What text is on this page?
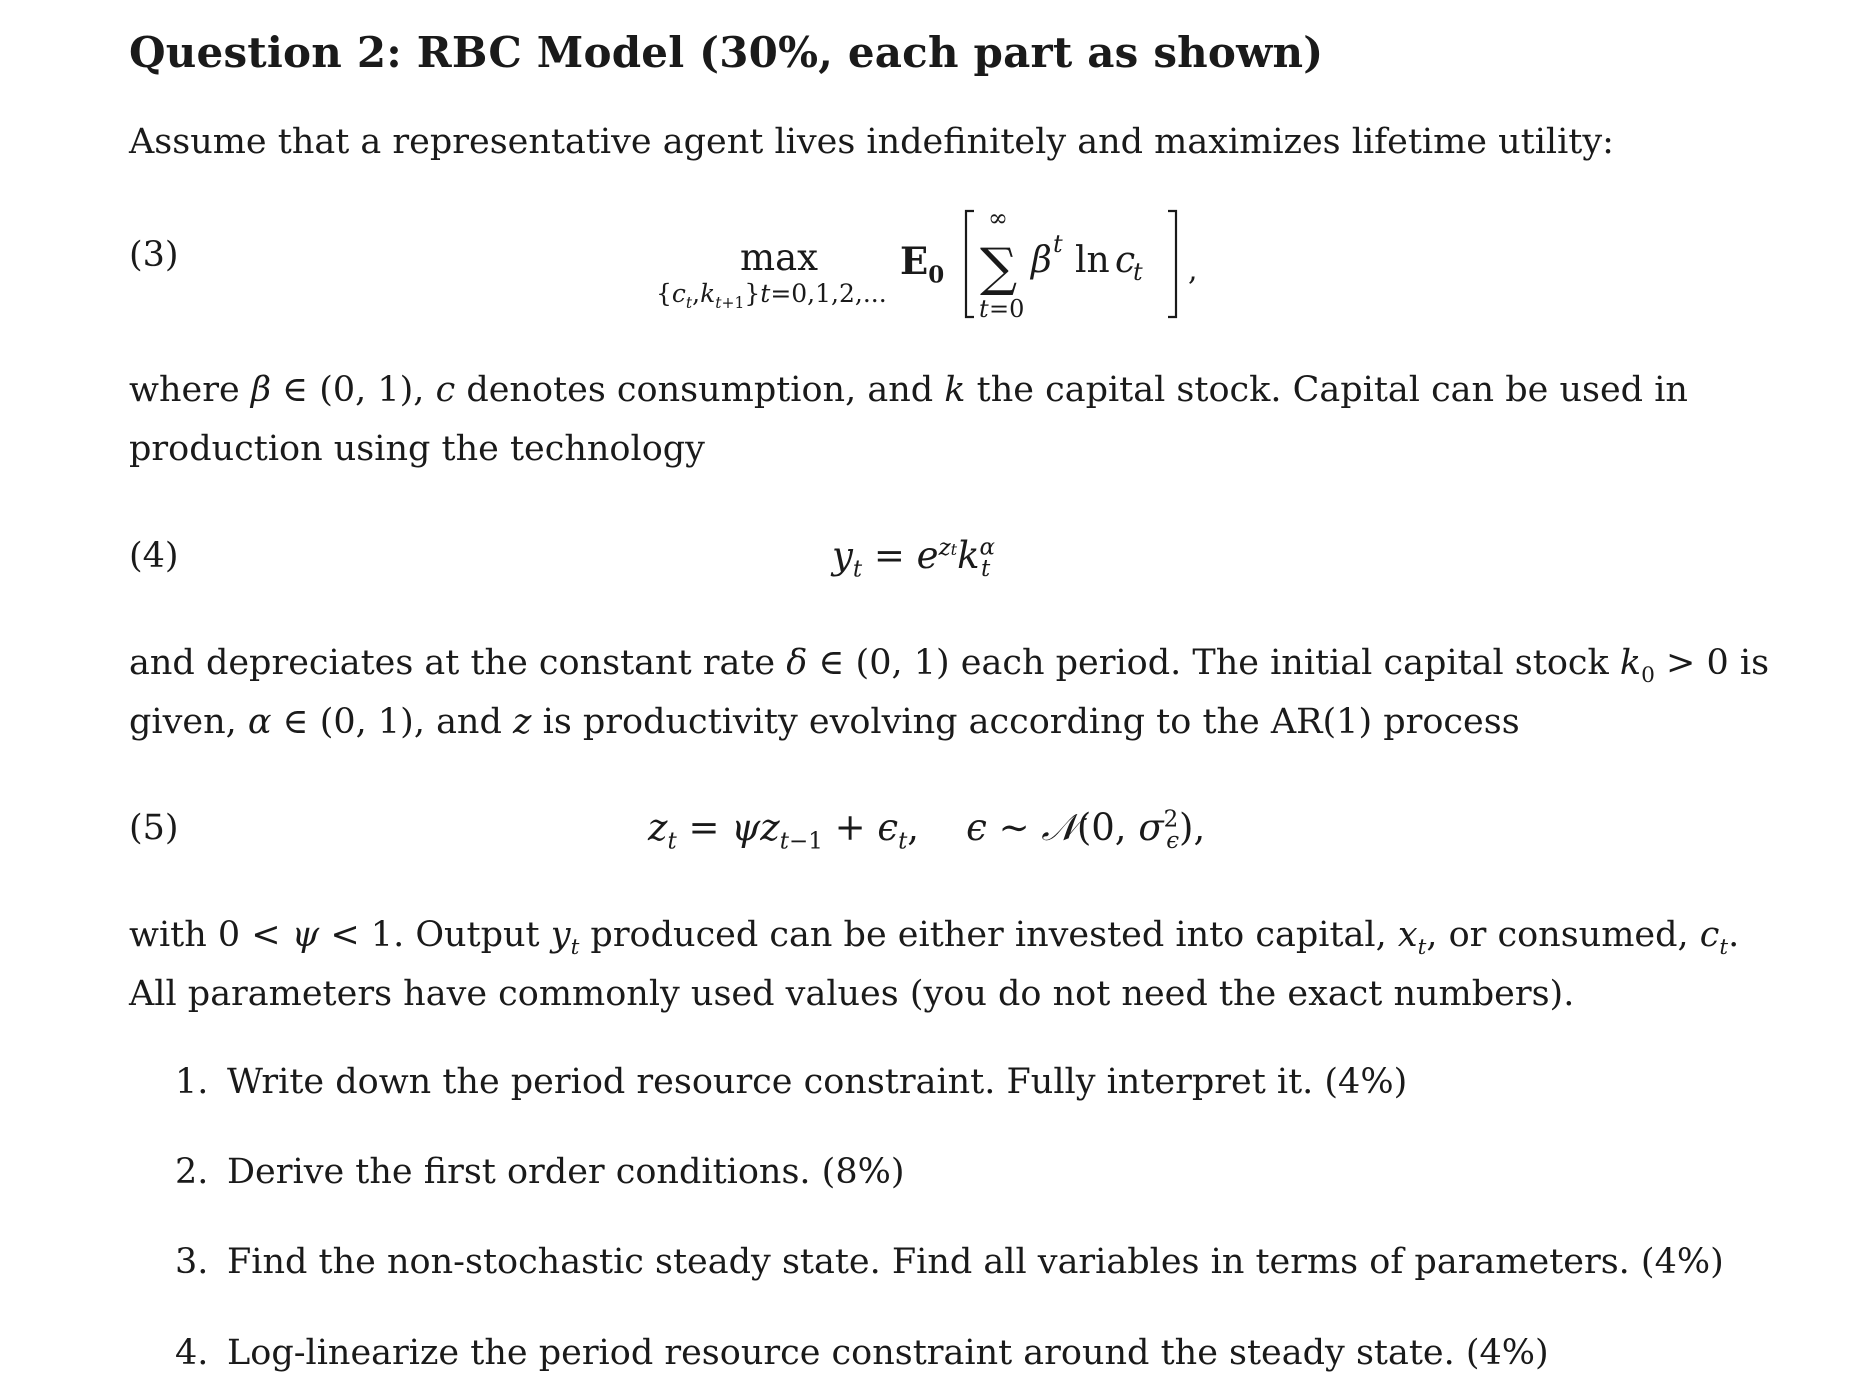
Question 2: RBC Model (30%, each part as shown)

Assume that a representative agent lives indefinitely and maximizes lifetime utility:

(3)	max
$\{c_t,k_{t+1}\}t=0,1,2$,...
$E_0$
∞
∑
t =0
β t ln c
t ,
where β ∈ (0, 1), c denotes consumption, and k the capital stock. Capital can be used in
production using the technology
(4)	$y_t = e^{zt}k^\alpha_t$
and depreciates at the constant rate δ ∈ (0, 1) each period. The initial capital stock $k_0 > 0$ is
given, α ∈ (0, 1), and z is productivity evolving according to the AR(1) process
(5)	$z_t = \psi z_{t-1} + \epsilon_t$,    ϵ ∼ 𝒩(0, $\sigma^2_\epsilon$),
with 0 < ψ < 1. Output $y_t$ produced can be either invested into capital, $x_t$, or consumed, $c_t$.
All parameters have commonly used values (you do not need the exact numbers).
1. Write down the period resource constraint. Fully interpret it. (4%)
2. Derive the first order conditions. (8%)
3. Find the non-stochastic steady state. Find all variables in terms of parameters. (4%)
4. Log-linearize the period resource constraint around the steady state. (4%)
